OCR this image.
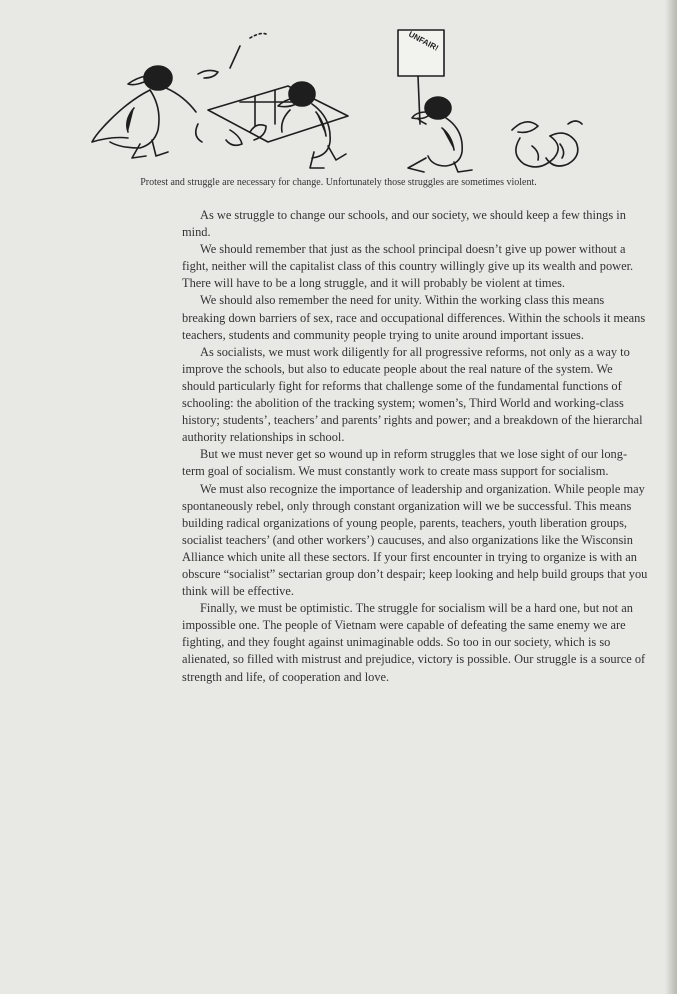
UNFAIR!
Protest and struggle are necessary for change. Unfortunately those struggles are sometimes violent.

As we struggle to change our schools, and our society, we should keep a few things in mind.

We should remember that just as the school principal doesn’t give up power without a fight, neither will the capitalist class of this country willingly give up its wealth and power. There will have to be a long struggle, and it will probably be violent at times.

We should also remember the need for unity. Within the working class this means breaking down barriers of sex, race and occupational differences. Within the schools it means teachers, students and community people trying to unite around important issues.

As socialists, we must work diligently for all progressive reforms, not only as a way to improve the schools, but also to educate people about the real nature of the system. We should particularly fight for reforms that challenge some of the fundamental functions of schooling: the abolition of the tracking system; women’s, Third World and working-class history; students’, teachers’ and parents’ rights and power; and a breakdown of the hierarchal authority relationships in school.

But we must never get so wound up in reform struggles that we lose sight of our long-term goal of socialism. We must constantly work to create mass support for socialism.

We must also recognize the importance of leadership and organization. While people may spontaneously rebel, only through constant organization will we be successful. This means building radical organizations of young people, parents, teachers, youth liberation groups, socialist teachers’ (and other workers’) caucuses, and also organizations like the Wisconsin Alliance which unite all these sectors. If your first encounter in trying to organize is with an obscure “socialist” sectarian group don’t despair; keep looking and help build groups that you think will be effective.

Finally, we must be optimistic. The struggle for socialism will be a hard one, but not an impossible one. The people of Vietnam were capable of defeating the same enemy we are fighting, and they fought against unimaginable odds. So too in our society, which is so alienated, so filled with mistrust and prejudice, victory is possible. Our struggle is a source of strength and life, of cooperation and love.
